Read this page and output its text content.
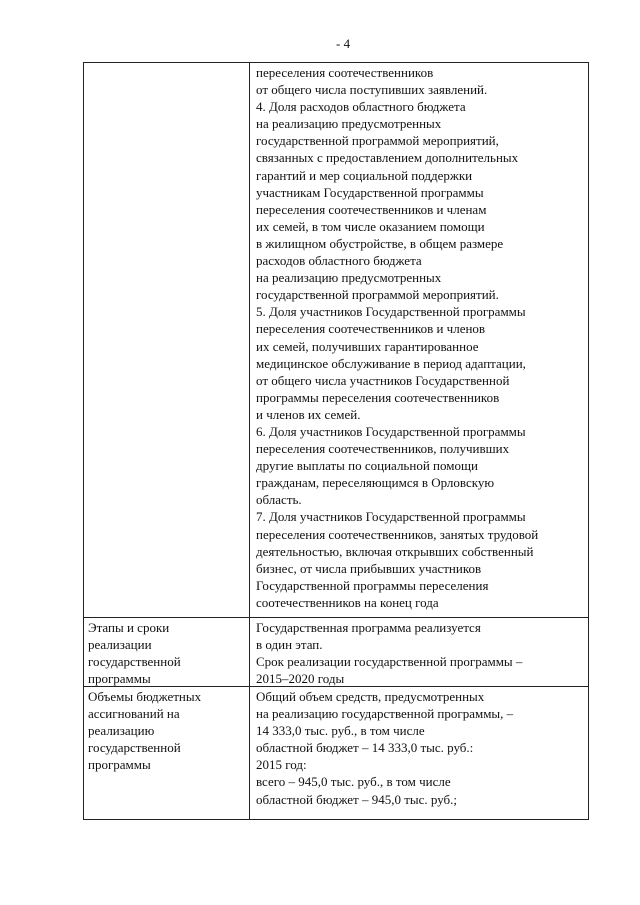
- 4
переселения соотечественников
от общего числа поступивших заявлений.
4. Доля расходов областного бюджета
на реализацию предусмотренных
государственной программой мероприятий,
связанных с предоставлением дополнительных
гарантий и мер социальной поддержки
участникам Государственной программы
переселения соотечественников и членам
их семей, в том числе оказанием помощи
в жилищном обустройстве, в общем размере
расходов областного бюджета
на реализацию предусмотренных
государственной программой мероприятий.
5. Доля участников Государственной программы
переселения соотечественников и членов
их семей, получивших гарантированное
медицинское обслуживание в период адаптации,
от общего числа участников Государственной
программы переселения соотечественников
и членов их семей.
6. Доля участников Государственной программы
переселения соотечественников, получивших
другие выплаты по социальной помощи
гражданам, переселяющимся в Орловскую
область.
7. Доля участников Государственной программы
переселения соотечественников, занятых трудовой
деятельностью, включая открывших собственный
бизнес, от числа прибывших участников
Государственной программы переселения
соотечественников на конец года
Этапы и сроки
реализации
государственной
программы
Государственная программа реализуется
в один этап.
Срок реализации государственной программы –
2015–2020 годы
Объемы бюджетных
ассигнований на
реализацию
государственной
программы
Общий объем средств, предусмотренных
на реализацию государственной программы, –
14 333,0 тыс. руб., в том числе
областной бюджет – 14 333,0 тыс. руб.:
2015 год:
всего – 945,0 тыс. руб., в том числе
областной бюджет – 945,0 тыс. руб.;
